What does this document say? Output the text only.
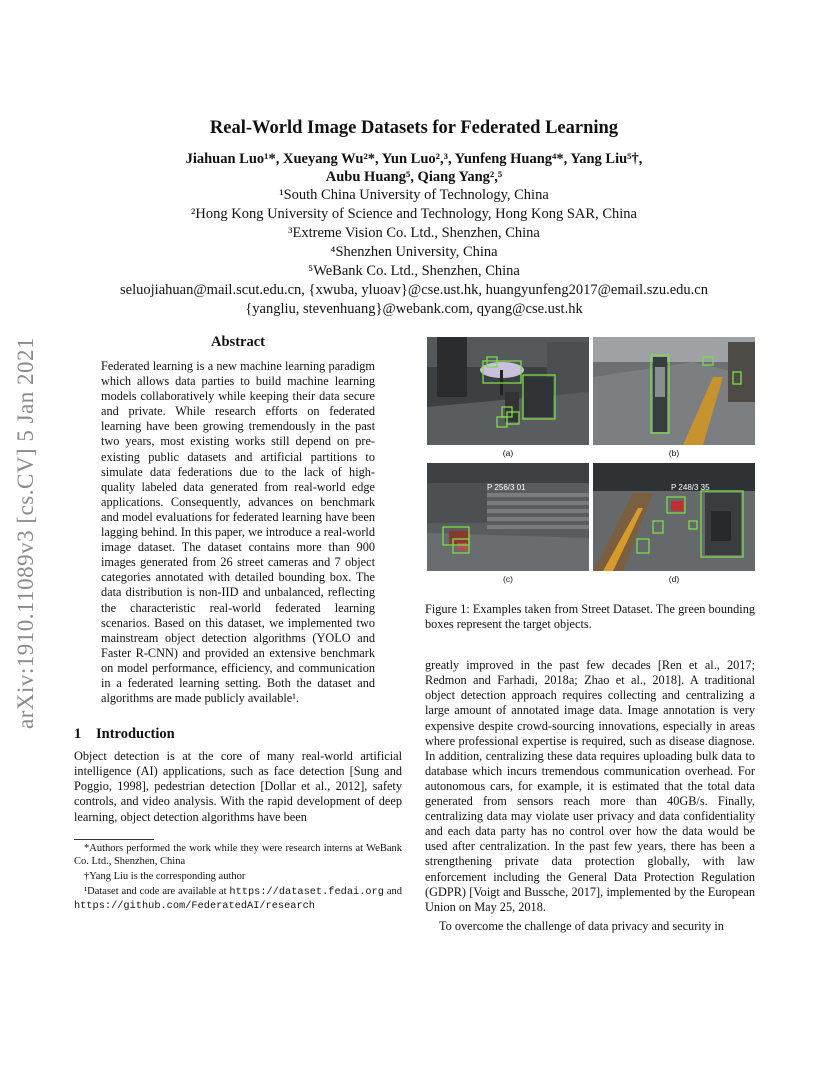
arXiv:1910.11089v3 [cs.CV] 5 Jan 2021
Real-World Image Datasets for Federated Learning
Jiahuan Luo¹*, Xueyang Wu²*, Yun Luo²,³, Yunfeng Huang⁴*, Yang Liu⁵†,
Aubu Huang⁵, Qiang Yang²,⁵
¹South China University of Technology, China
²Hong Kong University of Science and Technology, Hong Kong SAR, China
³Extreme Vision Co. Ltd., Shenzhen, China
⁴Shenzhen University, China
⁵WeBank Co. Ltd., Shenzhen, China
seluojiahuan@mail.scut.edu.cn, {xwuba, yluoav}@cse.ust.hk, huangyunfeng2017@email.szu.edu.cn
{yangliu, stevenhuang}@webank.com, qyang@cse.ust.hk
Abstract
Federated learning is a new machine learning paradigm which allows data parties to build machine learning models collaboratively while keeping their data secure and private. While research efforts on federated learning have been growing tremendously in the past two years, most existing works still depend on pre-existing public datasets and artificial partitions to simulate data federations due to the lack of high-quality labeled data generated from real-world edge applications. Consequently, advances on benchmark and model evaluations for federated learning have been lagging behind. In this paper, we introduce a real-world image dataset. The dataset contains more than 900 images generated from 26 street cameras and 7 object categories annotated with detailed bounding box. The data distribution is non-IID and unbalanced, reflecting the characteristic real-world federated learning scenarios. Based on this dataset, we implemented two mainstream object detection algorithms (YOLO and Faster R-CNN) and provided an extensive benchmark on model performance, efficiency, and communication in a federated learning setting. Both the dataset and algorithms are made publicly available¹.
1 Introduction
Object detection is at the core of many real-world artificial intelligence (AI) applications, such as face detection [Sung and Poggio, 1998], pedestrian detection [Dollar et al., 2012], safety controls, and video analysis. With the rapid development of deep learning, object detection algorithms have been
*Authors performed the work while they were research interns at WeBank Co. Ltd., Shenzhen, China
†Yang Liu is the corresponding author
¹Dataset and code are available at https://dataset.fedai.org and https://github.com/FederatedAI/research
(a)	(b)
P 256/3 01
(c)
P 248/3 35
(d)
Figure 1: Examples taken from Street Dataset. The green bounding boxes represent the target objects.
greatly improved in the past few decades [Ren et al., 2017; Redmon and Farhadi, 2018a; Zhao et al., 2018]. A traditional object detection approach requires collecting and centralizing a large amount of annotated image data. Image annotation is very expensive despite crowd-sourcing innovations, especially in areas where professional expertise is required, such as disease diagnose. In addition, centralizing these data requires uploading bulk data to database which incurs tremendous communication overhead. For autonomous cars, for example, it is estimated that the total data generated from sensors reach more than 40GB/s. Finally, centralizing data may violate user privacy and data confidentiality and each data party has no control over how the data would be used after centralization. In the past few years, there has been a strengthening private data protection globally, with law enforcement including the General Data Protection Regulation (GDPR) [Voigt and Bussche, 2017], implemented by the European Union on May 25, 2018.
To overcome the challenge of data privacy and security in
